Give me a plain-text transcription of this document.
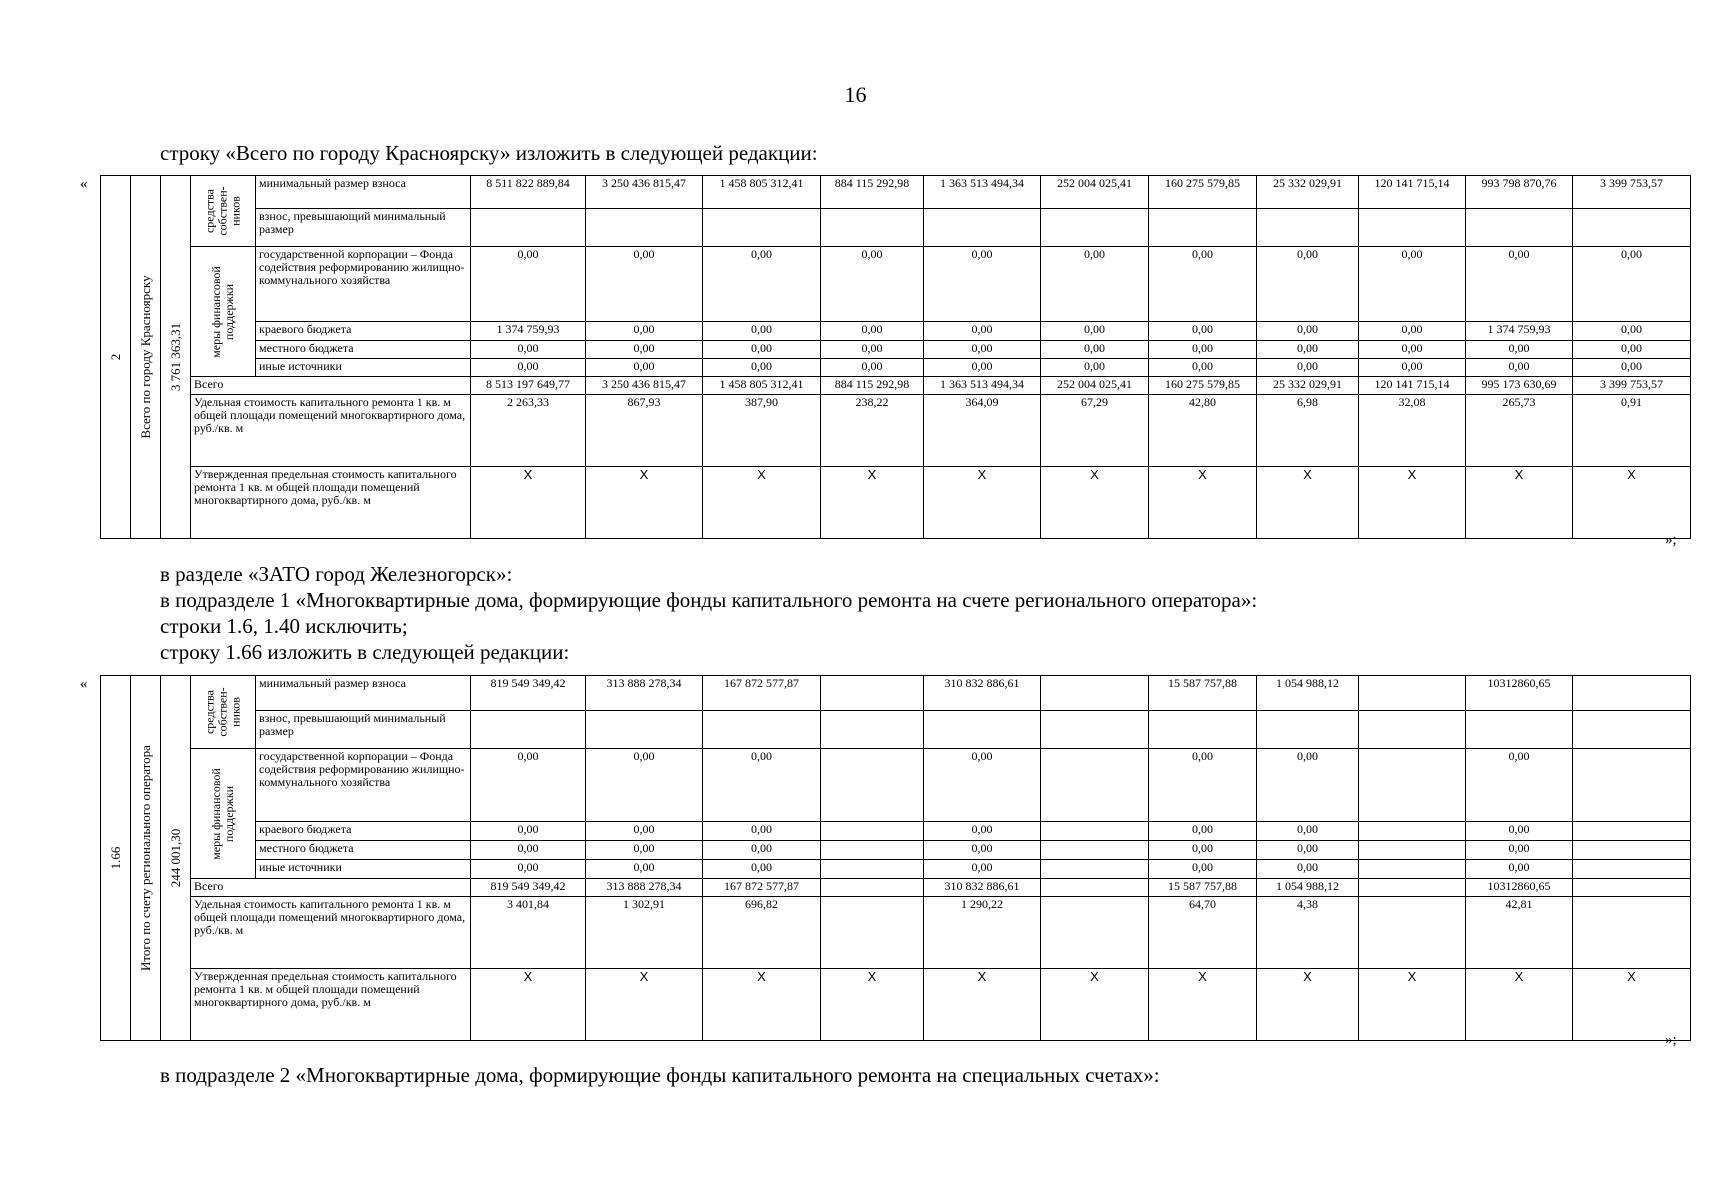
16
строку «Всего по городу Красноярску» изложить в следующей редакции:
«
2	Всего по городу Красноярску	3 761 363,31	средства собствен-ников	минимальный размер взноса	8 511 822 889,84	3 250 436 815,47	1 458 805 312,41	884 115 292,98	1 363 513 494,34	252 004 025,41	160 275 579,85	25 332 029,91	120 141 715,14	993 798 870,76	3 399 753,57
				взнос, превышающий минимальный размер											

			меры финансовой поддержки	государственной корпорации – Фонда содействия реформированию жилищно-коммунального хозяйства	0,00	0,00	0,00	0,00	0,00	0,00	0,00	0,00	0,00	0,00	0,00
				краевого бюджета	1 374 759,93	0,00	0,00	0,00	0,00	0,00	0,00	0,00	0,00	1 374 759,93	0,00
				местного бюджета	0,00	0,00	0,00	0,00	0,00	0,00	0,00	0,00	0,00	0,00	0,00
				иные источники	0,00	0,00	0,00	0,00	0,00	0,00	0,00	0,00	0,00	0,00	0,00
			Всего		8 513 197 649,77	3 250 436 815,47	1 458 805 312,41	884 115 292,98	1 363 513 494,34	252 004 025,41	160 275 579,85	25 332 029,91	120 141 715,14	995 173 630,69	3 399 753,57
			Удельная стоимость капитального ремонта 1 кв. м общей площади помещений многоквартирного дома, руб./кв. м		2 263,33	867,93	387,90	238,22	364,09	67,29	42,80	6,98	32,08	265,73	0,91
			Утвержденная предельная стоимость капитального ремонта 1 кв. м общей площади помещений многоквартирного дома, руб./кв. м		X	X	X	X	X	X	X	X	X	X	X
»;
в разделе «ЗАТО город Железногорск»:
в подразделе 1 «Многоквартирные дома, формирующие фонды капитального ремонта на счете регионального оператора»:
строки 1.6, 1.40 исключить;
строку 1.66 изложить в следующей редакции:
«
1.66	Итого по счету регионального оператора	244 001,30	средства собствен-ников	минимальный размер взноса	819 549 349,42	313 888 278,34	167 872 577,87		310 832 886,61		15 587 757,88	1 054 988,12		10312860,65	
				взнос, превышающий минимальный размер											

			меры финансовой поддержки	государственной корпорации – Фонда содействия реформированию жилищно-коммунального хозяйства	0,00	0,00	0,00		0,00		0,00	0,00		0,00	
				краевого бюджета	0,00	0,00	0,00		0,00		0,00	0,00		0,00	
				местного бюджета	0,00	0,00	0,00		0,00		0,00	0,00		0,00	
				иные источники	0,00	0,00	0,00		0,00		0,00	0,00		0,00	
			Всего		819 549 349,42	313 888 278,34	167 872 577,87		310 832 886,61		15 587 757,88	1 054 988,12		10312860,65	
			Удельная стоимость капитального ремонта 1 кв. м общей площади помещений многоквартирного дома, руб./кв. м		3 401,84	1 302,91	696,82		1 290,22		64,70	4,38		42,81	
			Утвержденная предельная стоимость капитального ремонта 1 кв. м общей площади помещений многоквартирного дома, руб./кв. м		X	X	X	X	X	X	X	X	X	X	X
»;
в подразделе 2 «Многоквартирные дома, формирующие фонды капитального ремонта на специальных счетах»:
